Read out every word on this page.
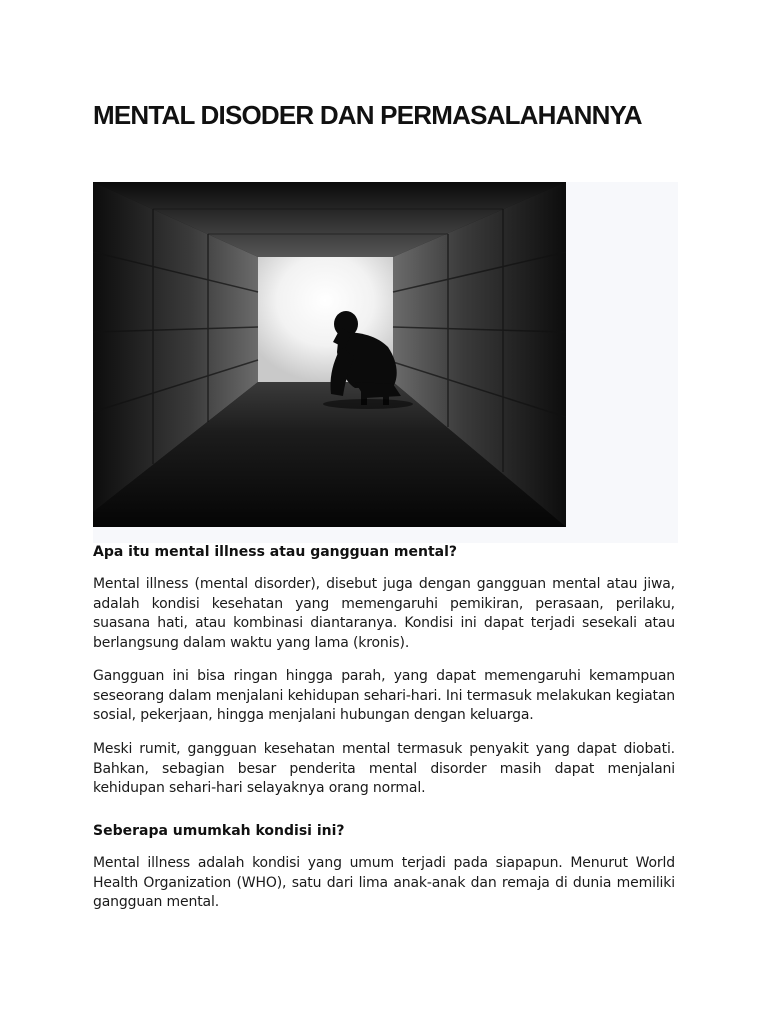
MENTAL DISODER DAN PERMASALAHANNYA
Apa itu mental illness atau gangguan mental?

Mental illness (mental disorder), disebut juga dengan gangguan mental atau jiwa, adalah kondisi kesehatan yang memengaruhi pemikiran, perasaan, perilaku, suasana hati, atau kombinasi diantaranya. Kondisi ini dapat terjadi sesekali atau berlangsung dalam waktu yang lama (kronis).

Gangguan ini bisa ringan hingga parah, yang dapat memengaruhi kemampuan seseorang dalam menjalani kehidupan sehari-hari. Ini termasuk melakukan kegiatan sosial, pekerjaan, hingga menjalani hubungan dengan keluarga.

Meski rumit, gangguan kesehatan mental termasuk penyakit yang dapat diobati. Bahkan, sebagian besar penderita mental disorder masih dapat menjalani kehidupan sehari-hari selayaknya orang normal.

Seberapa umumkah kondisi ini?

Mental illness adalah kondisi yang umum terjadi pada siapapun. Menurut World Health Organization (WHO), satu dari lima anak-anak dan remaja di dunia memiliki gangguan mental.
